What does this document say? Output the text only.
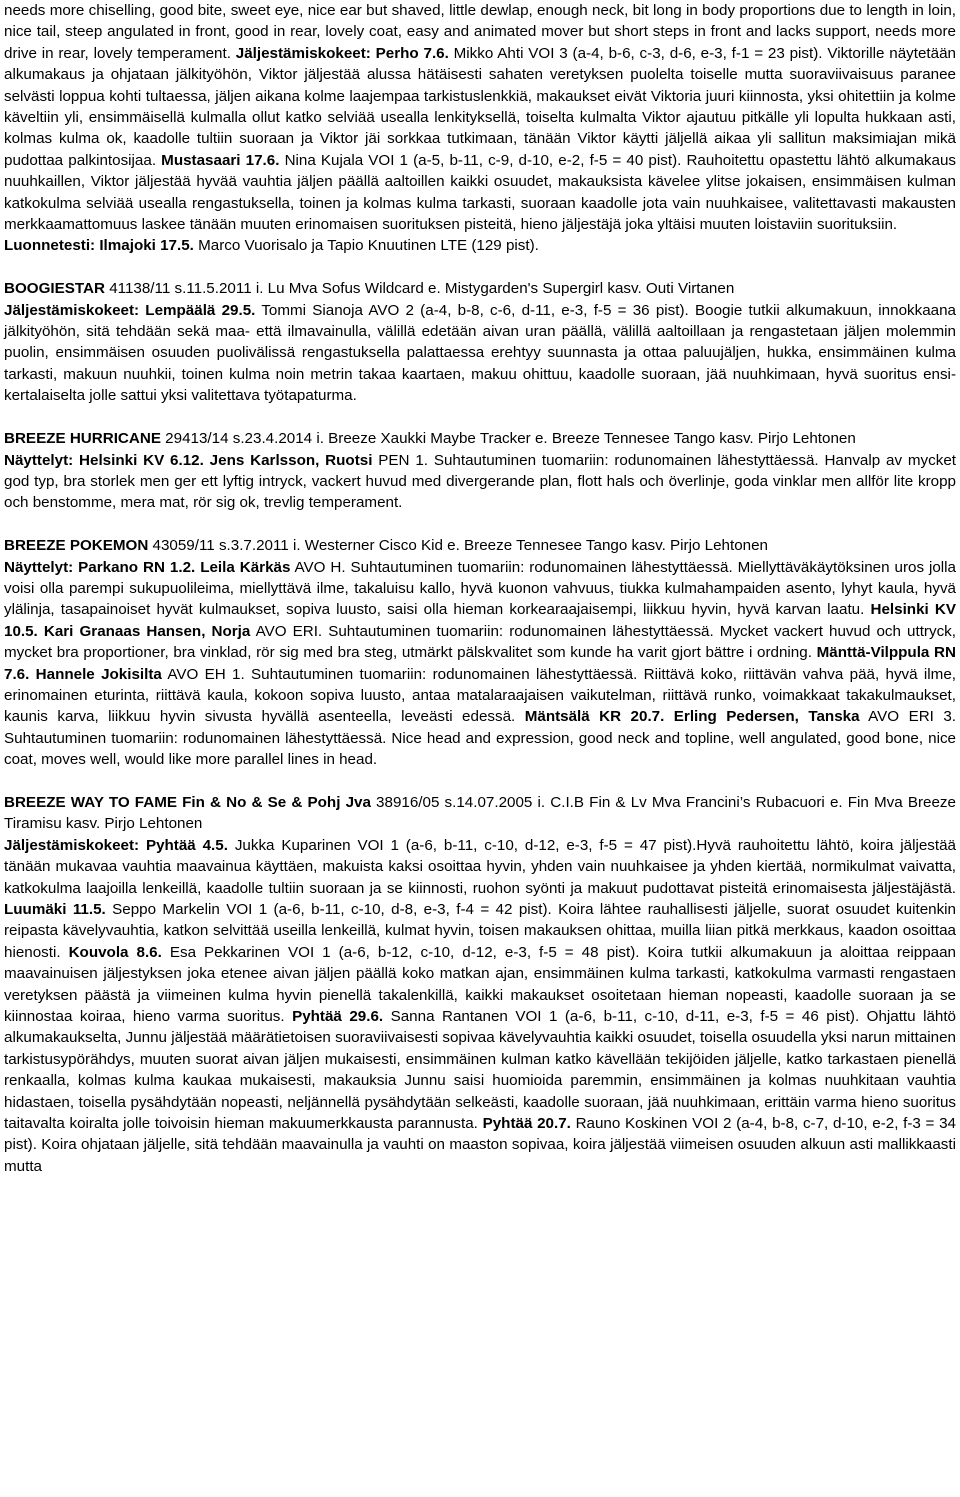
needs more chiselling, good bite, sweet eye, nice ear but shaved, little dewlap, enough neck, bit long in body proportions due to length in loin, nice tail, steep angulated in front, good in rear, lovely coat, easy and animated mover but short steps in front and lacks support, needs more drive in rear, lovely temperament. Jäljestämiskokeet: Perho 7.6. Mikko Ahti VOI 3 (a-4, b-6, c-3, d-6, e-3, f-1 = 23 pist). Viktorille näytetään alkumakaus ja ohjataan jälkityöhön, Viktor jäljestää alussa hätäisesti sahaten veretyksen puolelta toiselle mutta suoraviivaisuus paranee selvästi loppua kohti tultaessa, jäljen aikana kolme laajempaa tarkistuslenkkiä, makaukset eivät Viktoria juuri kiinnosta, yksi ohitettiin ja kolme käveltiin yli, ensimmäisellä kulmalla ollut katko selviää usealla lenkityksellä, toiselta kulmalta Viktor ajautuu pitkälle yli lopulta hukkaan asti, kolmas kulma ok, kaadolle tultiin suoraan ja Viktor jäi sorkkaa tutkimaan, tänään Viktor käytti jäljellä aikaa yli sallitun maksimiajan mikä pudottaa palkintosijaa. Mustasaari 17.6. Nina Kujala VOI 1 (a-5, b-11, c-9, d-10, e-2, f-5 = 40 pist). Rauhoitettu opastettu lähtö alkumakaus nuuhkaillen, Viktor jäljestää hyvää vauhtia jäljen päällä aaltoillen kaikki osuudet, makauksista kävelee ylitse jokaisen, ensimmäisen kulman katkokulma selviää usealla rengastuksella, toinen ja kolmas kulma tarkasti, suoraan kaadolle jota vain nuuhkaisee, valitettavasti makausten merkkaamattomuus laskee tänään muuten erinomaisen suorituksen pisteitä, hieno jäljestäjä joka yltäisi muuten loistaviin suorituksiin.

Luonnetesti: Ilmajoki 17.5. Marco Vuorisalo ja Tapio Knuutinen LTE (129 pist).

BOOGIESTAR 41138/11 s.11.5.2011 i. Lu Mva Sofus Wildcard e. Mistygarden's Supergirl kasv. Outi Virtanen

Jäljestämiskokeet: Lempäälä 29.5. Tommi Sianoja AVO 2 (a-4, b-8, c-6, d-11, e-3, f-5 = 36 pist). Boogie tutkii alkumakuun, innokkaana jälkityöhön, sitä tehdään sekä maa- että ilmavainulla, välillä edetään aivan uran päällä, välillä aaltoillaan ja rengastetaan jäljen molemmin puolin, ensimmäisen osuuden puolivälissä rengastuksella palattaessa erehtyy suunnasta ja ottaa paluujäljen, hukka, ensimmäinen kulma tarkasti, makuun nuuhkii, toinen kulma noin metrin takaa kaartaen, makuu ohittuu, kaadolle suoraan, jää nuuhkimaan, hyvä suoritus ensikertalaiselta jolle sattui yksi valitettava työtapaturma.

BREEZE HURRICANE 29413/14 s.23.4.2014 i. Breeze Xaukki Maybe Tracker e. Breeze Tennesee Tango kasv. Pirjo Lehtonen

Näyttelyt: Helsinki KV 6.12. Jens Karlsson, Ruotsi PEN 1. Suhtautuminen tuomariin: rodunomainen lähestyttäessä. Hanvalp av mycket god typ, bra storlek men ger ett lyftig intryck, vackert huvud med divergerande plan, flott hals och överlinje, goda vinklar men allför lite kropp och benstomme, mera mat, rör sig ok, trevlig temperament.

BREEZE POKEMON 43059/11 s.3.7.2011 i. Westerner Cisco Kid e. Breeze Tennesee Tango kasv. Pirjo Lehtonen

Näyttelyt: Parkano RN 1.2. Leila Kärkäs AVO H. Suhtautuminen tuomariin: rodunomainen lähestyttäessä. Miellyttäväkäytöksinen uros jolla voisi olla parempi sukupuolileima, miellyttävä ilme, takaluisu kallo, hyvä kuonon vahvuus, tiukka kulmahampaiden asento, lyhyt kaula, hyvä ylälinja, tasapainoiset hyvät kulmaukset, sopiva luusto, saisi olla hieman korkearaajaisempi, liikkuu hyvin, hyvä karvan laatu. Helsinki KV 10.5. Kari Granaas Hansen, Norja AVO ERI. Suhtautuminen tuomariin: rodunomainen lähestyttäessä. Mycket vackert huvud och uttryck, mycket bra proportioner, bra vinklad, rör sig med bra steg, utmärkt pälskvalitet som kunde ha varit gjort bättre i ordning. Mänttä-Vilppula RN 7.6. Hannele Jokisilta AVO EH 1. Suhtautuminen tuomariin: rodunomainen lähestyttäessä. Riittävä koko, riittävän vahva pää, hyvä ilme, erinomainen eturinta, riittävä kaula, kokoon sopiva luusto, antaa matalaraajaisen vaikutelman, riittävä runko, voimakkaat takakulmaukset, kaunis karva, liikkuu hyvin sivusta hyvällä asenteella, leveästi edessä. Mäntsälä KR 20.7. Erling Pedersen, Tanska AVO ERI 3. Suhtautuminen tuomariin: rodunomainen lähestyttäessä. Nice head and expression, good neck and topline, well angulated, good bone, nice coat, moves well, would like more parallel lines in head.

BREEZE WAY TO FAME Fin & No & Se & Pohj Jva 38916/05 s.14.07.2005 i. C.I.B Fin & Lv Mva Francini’s Rubacuori e. Fin Mva Breeze Tiramisu kasv. Pirjo Lehtonen

Jäljestämiskokeet: Pyhtää 4.5. Jukka Kuparinen VOI 1 (a-6, b-11, c-10, d-12, e-3, f-5 = 47 pist).Hyvä rauhoitettu lähtö, koira jäljestää tänään mukavaa vauhtia maavainua käyttäen, makuista kaksi osoittaa hyvin, yhden vain nuuhkaisee ja yhden kiertää, normikulmat vaivatta, katkokulma laajoilla lenkeillä, kaadolle tultiin suoraan ja se kiinnosti, ruohon syönti ja makuut pudottavat pisteitä erinomaisesta jäljestäjästä. Luumäki 11.5. Seppo Markelin VOI 1 (a-6, b-11, c-10, d-8, e-3, f-4 = 42 pist). Koira lähtee rauhallisesti jäljelle, suorat osuudet kuitenkin reipasta kävelyvauhtia, katkon selvittää useilla lenkeillä, kulmat hyvin, toisen makauksen ohittaa, muilla liian pitkä merkkaus, kaadon osoittaa hienosti. Kouvola 8.6. Esa Pekkarinen VOI 1 (a-6, b-12, c-10, d-12, e-3, f-5 = 48 pist). Koira tutkii alkumakuun ja aloittaa reippaan maavainuisen jäljestyksen joka etenee aivan jäljen päällä koko matkan ajan, ensimmäinen kulma tarkasti, katkokulma varmasti rengastaen veretyksen päästä ja viimeinen kulma hyvin pienellä takalenkillä, kaikki makaukset osoitetaan hieman nopeasti, kaadolle suoraan ja se kiinnostaa koiraa, hieno varma suoritus. Pyhtää 29.6. Sanna Rantanen VOI 1 (a-6, b-11, c-10, d-11, e-3, f-5 = 46 pist). Ohjattu lähtö alkumakaukselta, Junnu jäljestää määrätietoisen suoraviivaisesti sopivaa kävelyvauhtia kaikki osuudet, toisella osuudella yksi narun mittainen tarkistusypörähdys, muuten suorat aivan jäljen mukaisesti, ensimmäinen kulman katko kävellään tekijöiden jäljelle, katko tarkastaen pienellä renkaalla, kolmas kulma kaukaa mukaisesti, makauksia Junnu saisi huomioida paremmin, ensimmäinen ja kolmas nuuhkitaan vauhtia hidastaen, toisella pysähdytään nopeasti, neljännellä pysähdytään selkeästi, kaadolle suoraan, jää nuuhkimaan, erittäin varma hieno suoritus taitavalta koiralta jolle toivoisin hieman makuumerkkausta parannusta. Pyhtää 20.7. Rauno Koskinen VOI 2 (a-4, b-8, c-7, d-10, e-2, f-3 = 34 pist). Koira ohjataan jäljelle, sitä tehdään maavainulla ja vauhti on maaston sopivaa, koira jäljestää viimeisen osuuden alkuun asti mallikkaasti mutta
